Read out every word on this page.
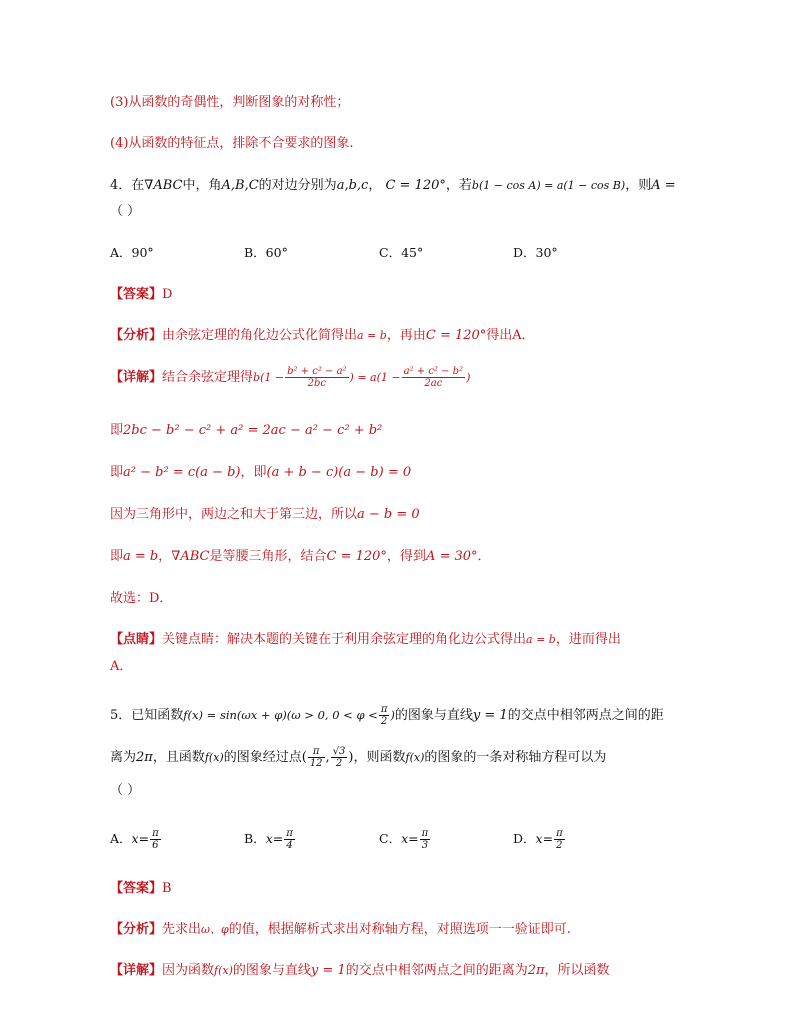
(3)从函数的奇偶性，判断图象的对称性；
(4)从函数的特征点，排除不合要求的图象.
4．在∇ABC中，角A,B,C的对边分别为a,b,c， C = 120°，若b(1 − cos A) = a(1 − cos B)，则A =
（ ）
A．90°	B．60°	C．45°	D．30°
【答案】D
【分析】由余弦定理的角化边公式化简得出a = b，再由C = 120°得出A．
【详解】结合余弦定理得$b(1 - \frac{\text{b² + c² − a²}}{2bc}$ ) = $a(1 - \frac{\text{a² + c² − b²}}{2ac}$ )
即2bc − b² − c² + a² = 2ac − a² − c² + b²
即a² − b² = c(a − b)，即(a + b − c)(a − b) = 0
因为三角形中，两边之和大于第三边，所以a − b = 0
即a = b，∇ABC是等腰三角形，结合C = 120°，得到A = 30°．
故选：D．
【点睛】关键点睛：解决本题的关键在于利用余弦定理的角化边公式得出a = b，进而得出
A．
5．已知函数f(x) = sin(ωx + φ)(ω > 0, $0 < \varphi < \frac{\pi}{2}$ )的图象与直线y = 1的交点中相邻两点之间的距
离为2π，且函数f(x)的图象经过点( $\frac{\pi}{12}$ , $\frac{√3}{2}$ )，则函数f(x)的图象的一条对称轴方程可以为
（ ）
A．$x= \frac{\pi}{6}$	B．$x= \frac{\pi}{4}$	C．$x= \frac{\pi}{3}$	D．$x= \frac{\pi}{2}$
【答案】B
【分析】先求出ω、φ的值，根据解析式求出对称轴方程，对照选项一一验证即可.
【详解】因为函数f(x)的图象与直线y = 1的交点中相邻两点之间的距离为2π，所以函数
